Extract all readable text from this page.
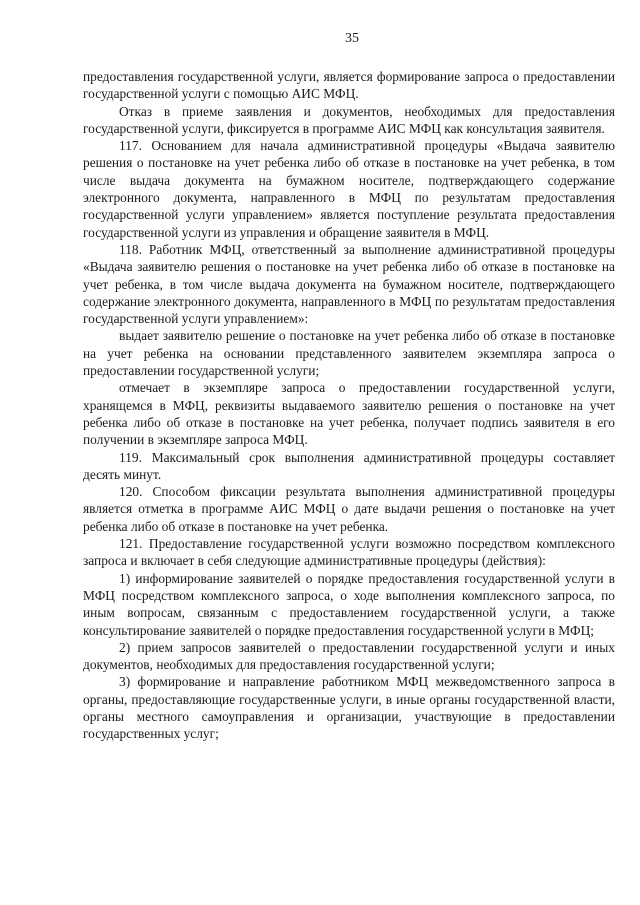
35

предоставления государственной услуги, является формирование запроса о предоставлении государственной услуги с помощью АИС МФЦ.

Отказ в приеме заявления и документов, необходимых для предоставления государственной услуги, фиксируется в программе АИС МФЦ как консультация заявителя.

117. Основанием для начала административной процедуры «Выдача заявителю решения о постановке на учет ребенка либо об отказе в постановке на учет ребенка, в том числе выдача документа на бумажном носителе, подтверждающего содержание электронного документа, направленного в МФЦ по результатам предоставления государственной услуги управлением» является поступление результата предоставления государственной услуги из управления и обращение заявителя в МФЦ.

118. Работник МФЦ, ответственный за выполнение административной процедуры «Выдача заявителю решения о постановке на учет ребенка либо об отказе в постановке на учет ребенка, в том числе выдача документа на бумажном носителе, подтверждающего содержание электронного документа, направленного в МФЦ по результатам предоставления государственной услуги управлением»:

выдает заявителю решение о постановке на учет ребенка либо об отказе в постановке на учет ребенка на основании представленного заявителем экземпляра запроса о предоставлении государственной услуги;

отмечает в экземпляре запроса о предоставлении государственной услуги, хранящемся в МФЦ, реквизиты выдаваемого заявителю решения о постановке на учет ребенка либо об отказе в постановке на учет ребенка, получает подпись заявителя в его получении в экземпляре запроса МФЦ.

119. Максимальный срок выполнения административной процедуры составляет десять минут.

120. Способом фиксации результата выполнения административной процедуры является отметка в программе АИС МФЦ о дате выдачи решения о постановке на учет ребенка либо об отказе в постановке на учет ребенка.

121. Предоставление государственной услуги возможно посредством комплексного запроса и включает в себя следующие административные процедуры (действия):

1) информирование заявителей о порядке предоставления государственной услуги в МФЦ посредством комплексного запроса, о ходе выполнения комплексного запроса, по иным вопросам, связанным с предоставлением государственной услуги, а также консультирование заявителей о порядке предоставления государственной услуги в МФЦ;

2) прием запросов заявителей о предоставлении государственной услуги и иных документов, необходимых для предоставления государственной услуги;

3) формирование и направление работником МФЦ межведомственного запроса в органы, предоставляющие государственные услуги, в иные органы государственной власти, органы местного самоуправления и организации, участвующие в предоставлении государственных услуг;
